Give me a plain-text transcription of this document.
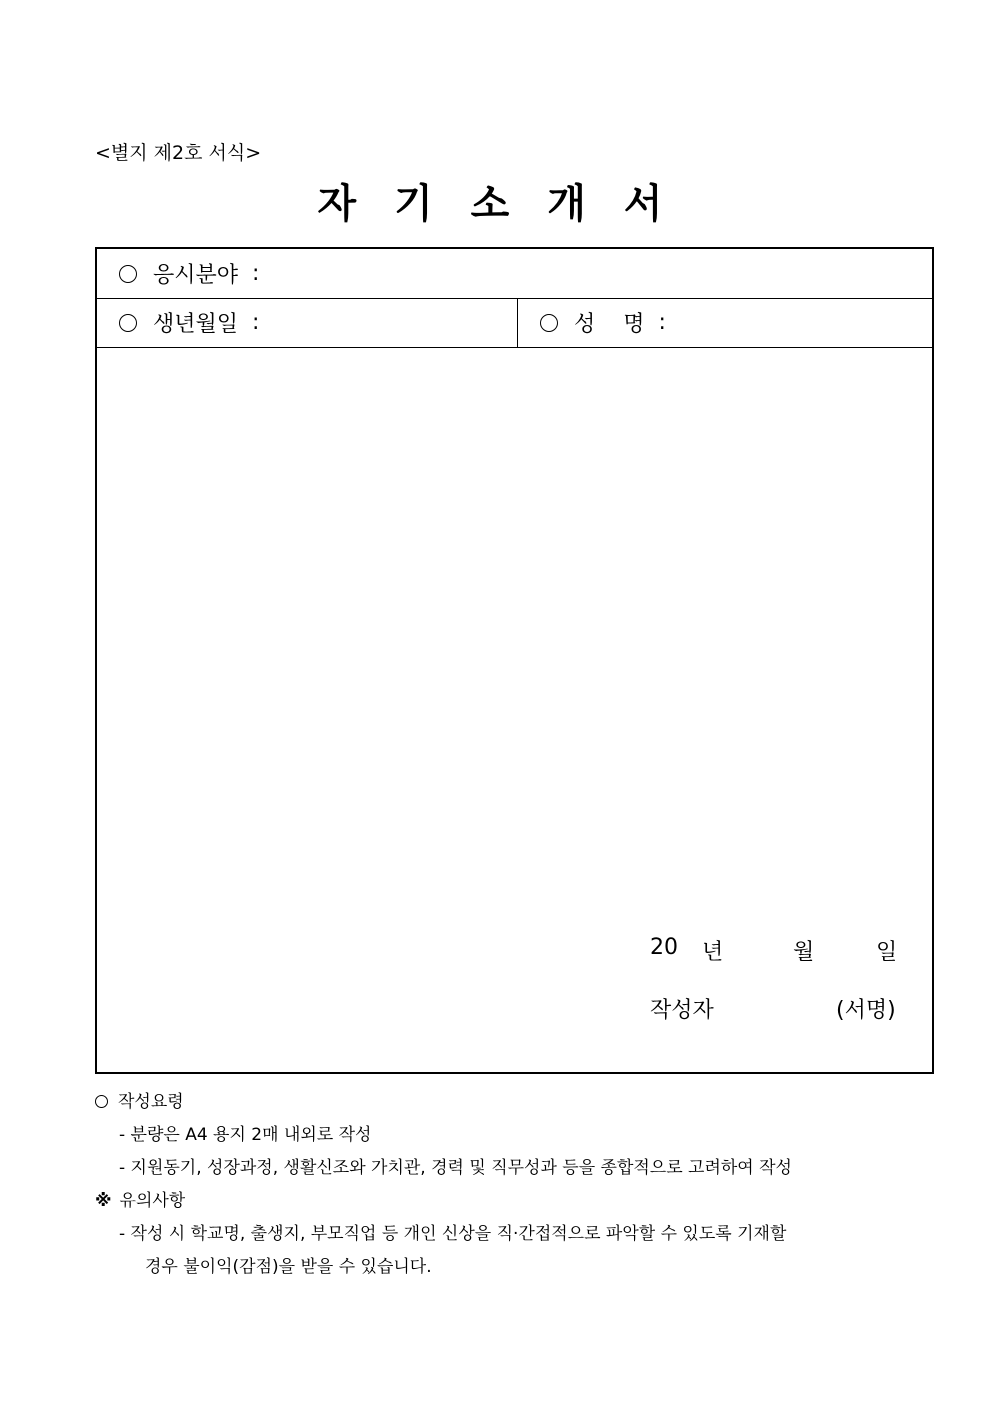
<별지 제2호 서식>
자 기 소 개 서
응시분야 :
생년월일 :	성    명 :
20 년	월	일
작성자	(서명)
작성요령
- 분량은 A4 용지 2매 내외로 작성
- 지원동기, 성장과정, 생활신조와 가치관, 경력 및 직무성과 등을 종합적으로 고려하여 작성
※ 유의사항
- 작성 시 학교명, 출생지, 부모직업 등 개인 신상을 직·간접적으로 파악할 수 있도록 기재할
경우 불이익(감점)을 받을 수 있습니다.
